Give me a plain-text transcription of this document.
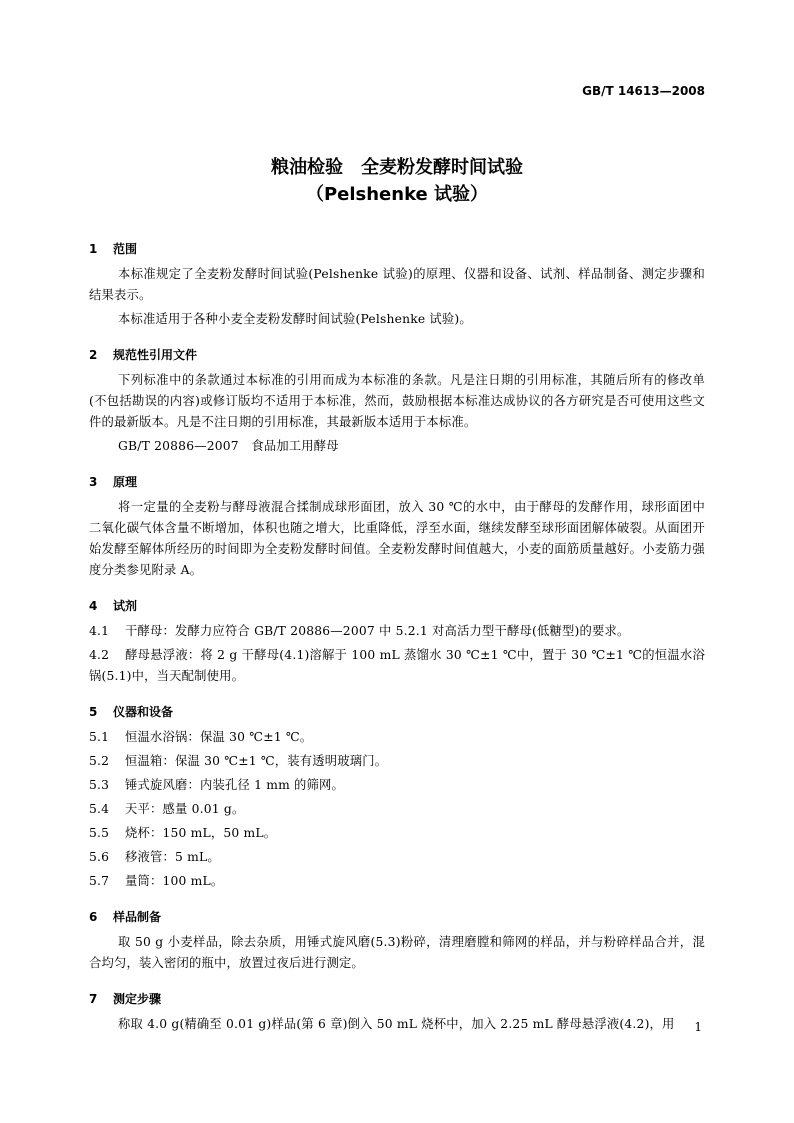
GB/T 14613—2008
粮油检验　全麦粉发酵时间试验
（Pelshenke 试验）
1 范围
本标准规定了全麦粉发酵时间试验(Pelshenke 试验)的原理、仪器和设备、试剂、样品制备、测定步骤和结果表示。
本标准适用于各种小麦全麦粉发酵时间试验(Pelshenke 试验)。
2 规范性引用文件
下列标准中的条款通过本标准的引用而成为本标准的条款。凡是注日期的引用标准，其随后所有的修改单(不包括勘误的内容)或修订版均不适用于本标准，然而，鼓励根据本标准达成协议的各方研究是否可使用这些文件的最新版本。凡是不注日期的引用标准，其最新版本适用于本标准。
GB/T 20886—2007　食品加工用酵母
3 原理
将一定量的全麦粉与酵母液混合揉制成球形面团，放入 30 ℃的水中，由于酵母的发酵作用，球形面团中二氧化碳气体含量不断增加，体积也随之增大，比重降低，浮至水面，继续发酵至球形面团解体破裂。从面团开始发酵至解体所经历的时间即为全麦粉发酵时间值。全麦粉发酵时间值越大，小麦的面筋质量越好。小麦筋力强度分类参见附录 A。
4 试剂
4.1 干酵母：发酵力应符合 GB/T 20886—2007 中 5.2.1 对高活力型干酵母(低糖型)的要求。
4.2 酵母悬浮液：将 2 g 干酵母(4.1)溶解于 100 mL 蒸馏水 30 ℃±1 ℃中，置于 30 ℃±1 ℃的恒温水浴锅(5.1)中，当天配制使用。
5 仪器和设备
5.1 恒温水浴锅：保温 30 ℃±1 ℃。
5.2 恒温箱：保温 30 ℃±1 ℃，装有透明玻璃门。
5.3 锤式旋风磨：内装孔径 1 mm 的筛网。
5.4 天平：感量 0.01 g。
5.5 烧杯：150 mL，50 mL。
5.6 移液管：5 mL。
5.7 量筒：100 mL。
6 样品制备
取 50 g 小麦样品，除去杂质，用锤式旋风磨(5.3)粉碎，清理磨膛和筛网的样品，并与粉碎样品合并，混合均匀，装入密闭的瓶中，放置过夜后进行测定。
7 测定步骤
称取 4.0 g(精确至 0.01 g)样品(第 6 章)倒入 50 mL 烧杯中，加入 2.25 mL 酵母悬浮液(4.2)，用	1
